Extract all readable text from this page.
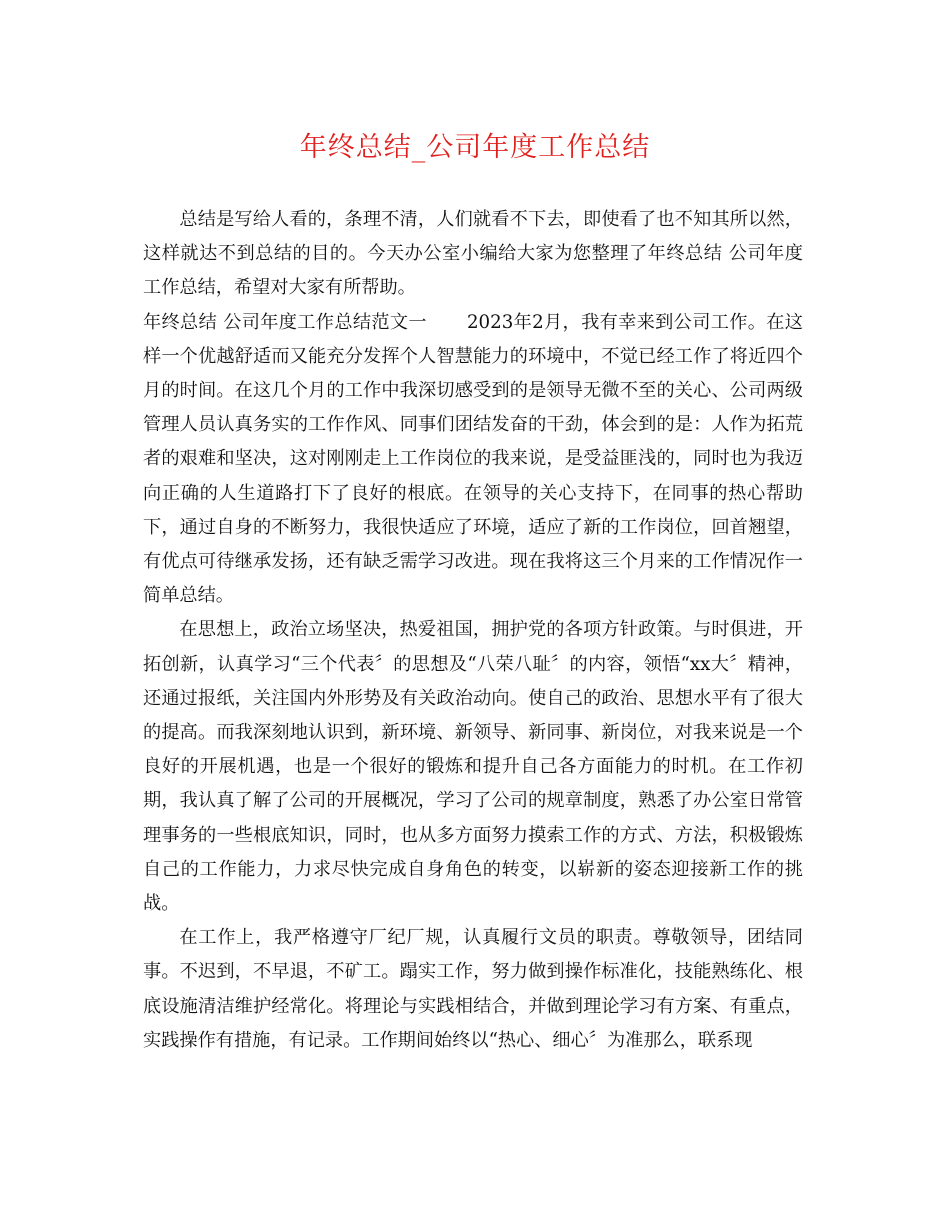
年终总结_公司年度工作总结

总结是写给人看的，条理不清，人们就看不下去，即使看了也不知其所以然，这样就达不到总结的目的。今天办公室小编给大家为您整理了年终总结 公司年度工作总结，希望对大家有所帮助。

年终总结 公司年度工作总结范文一 2023年2月，我有幸来到公司工作。在这样一个优越舒适而又能充分发挥个人智慧能力的环境中，不觉已经工作了将近四个月的时间。在这几个月的工作中我深切感受到的是领导无微不至的关心、公司两级管理人员认真务实的工作作风、同事们团结发奋的干劲，体会到的是：人作为拓荒者的艰难和坚决，这对刚刚走上工作岗位的我来说，是受益匪浅的，同时也为我迈向正确的人生道路打下了良好的根底。在领导的关心支持下，在同事的热心帮助下，通过自身的不断努力，我很快适应了环境，适应了新的工作岗位，回首翘望，有优点可待继承发扬，还有缺乏需学习改进。现在我将这三个月来的工作情况作一简单总结。

在思想上，政治立场坚决，热爱祖国，拥护党的各项方针政策。与时俱进，开拓创新，认真学习“三个代表〞的思想及“八荣八耻〞的内容，领悟“xx大〞精神，还通过报纸，关注国内外形势及有关政治动向。使自己的政治、思想水平有了很大的提高。而我深刻地认识到，新环境、新领导、新同事、新岗位，对我来说是一个良好的开展机遇，也是一个很好的锻炼和提升自己各方面能力的时机。在工作初期，我认真了解了公司的开展概况，学习了公司的规章制度，熟悉了办公室日常管理事务的一些根底知识，同时，也从多方面努力摸索工作的方式、方法，积极锻炼自己的工作能力，力求尽快完成自身角色的转变，以崭新的姿态迎接新工作的挑战。

在工作上，我严格遵守厂纪厂规，认真履行文员的职责。尊敬领导，团结同事。不迟到，不早退，不矿工。蹋实工作，努力做到操作标准化，技能熟练化、根底设施清洁维护经常化。将理论与实践相结合，并做到理论学习有方案、有重点，实践操作有措施，有记录。工作期间始终以“热心、细心〞为准那么，联系现
